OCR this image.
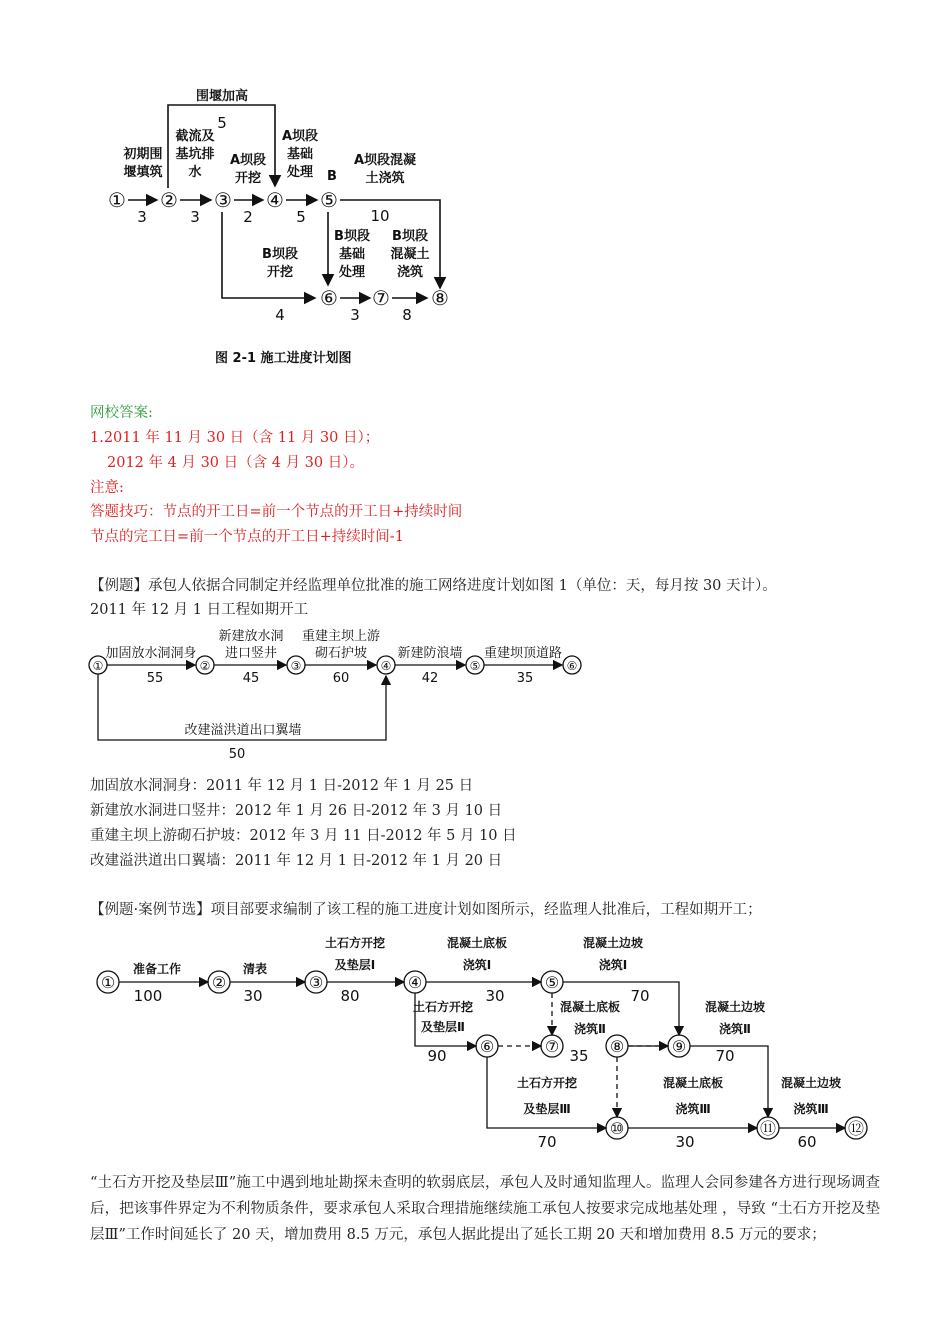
① ② ③ ④ ⑤
⑥ ⑦ ⑧
初期围
堰填筑
截流及
基坑排
水
A坝段
开挖
A坝段
基础
处理
围堰加高
B
A坝段混凝
土浇筑
B坝段
开挖
B坝段
基础
处理
B坝段
混凝土
浇筑
3	3	2	5
5
10
4	3	8
图 2-1 施工进度计划图
网校答案:
1.2011 年 11 月 30 日（含 11 月 30 日）；
2012 年 4 月 30 日（含 4 月 30 日）。
注意:
答题技巧：节点的开工日=前一个节点的开工日+持续时间
节点的完工日=前一个节点的开工日+持续时间-1
【例题】承包人依据合同制定并经监理单位批准的施工网络进度计划如图 1（单位：天，每月按 30 天计）。
2011 年 12 月 1 日工程如期开工
①	②	③	④	⑤	⑥
加固放水洞洞身
新建放水洞
进口竖井
重建主坝上游
砌石护坡 新建防浪墙 重建坝顶道路
55	45	60	42	35
改建溢洪道出口翼墙
50
加固放水洞洞身：2011 年 12 月 1 日-2012 年 1 月 25 日
新建放水洞进口竖井：2012 年 1 月 26 日-2012 年 3 月 10 日
重建主坝上游砌石护坡：2012 年 3 月 11 日-2012 年 5 月 10 日
改建溢洪道出口翼墙：2011 年 12 月 1 日-2012 年 1 月 20 日
【例题·案例节选】项目部要求编制了该工程的施工进度计划如图所示，经监理人批准后，工程如期开工；
①	②	③	④	⑤
⑥	⑦	⑧	⑨
⑩	⑪	⑫
准备工作	清表
土石方开挖
及垫层Ⅰ
混凝土底板
浇筑Ⅰ
混凝土边坡
浇筑Ⅰ
土石方开挖
及垫层Ⅱ
混凝土底板
浇筑Ⅱ
混凝土边坡
浇筑Ⅱ
土石方开挖
及垫层Ⅲ
混凝土底板
浇筑Ⅲ
混凝土边坡
浇筑Ⅲ
100	30	80	30	70
90	35	70
70	30	60
“土石方开挖及垫层Ⅲ”施工中遇到地址勘探未查明的软弱底层，承包人及时通知监理人。监理人会同参建各方进行现场调查后，把该事件界定为不利物质条件，要求承包人采取合理措施继续施工承包人按要求完成地基处理 ，导致 “土石方开挖及垫层Ⅲ”工作时间延长了 20 天，增加费用 8.5 万元，承包人据此提出了延长工期 20 天和增加费用 8.5 万元的要求；
